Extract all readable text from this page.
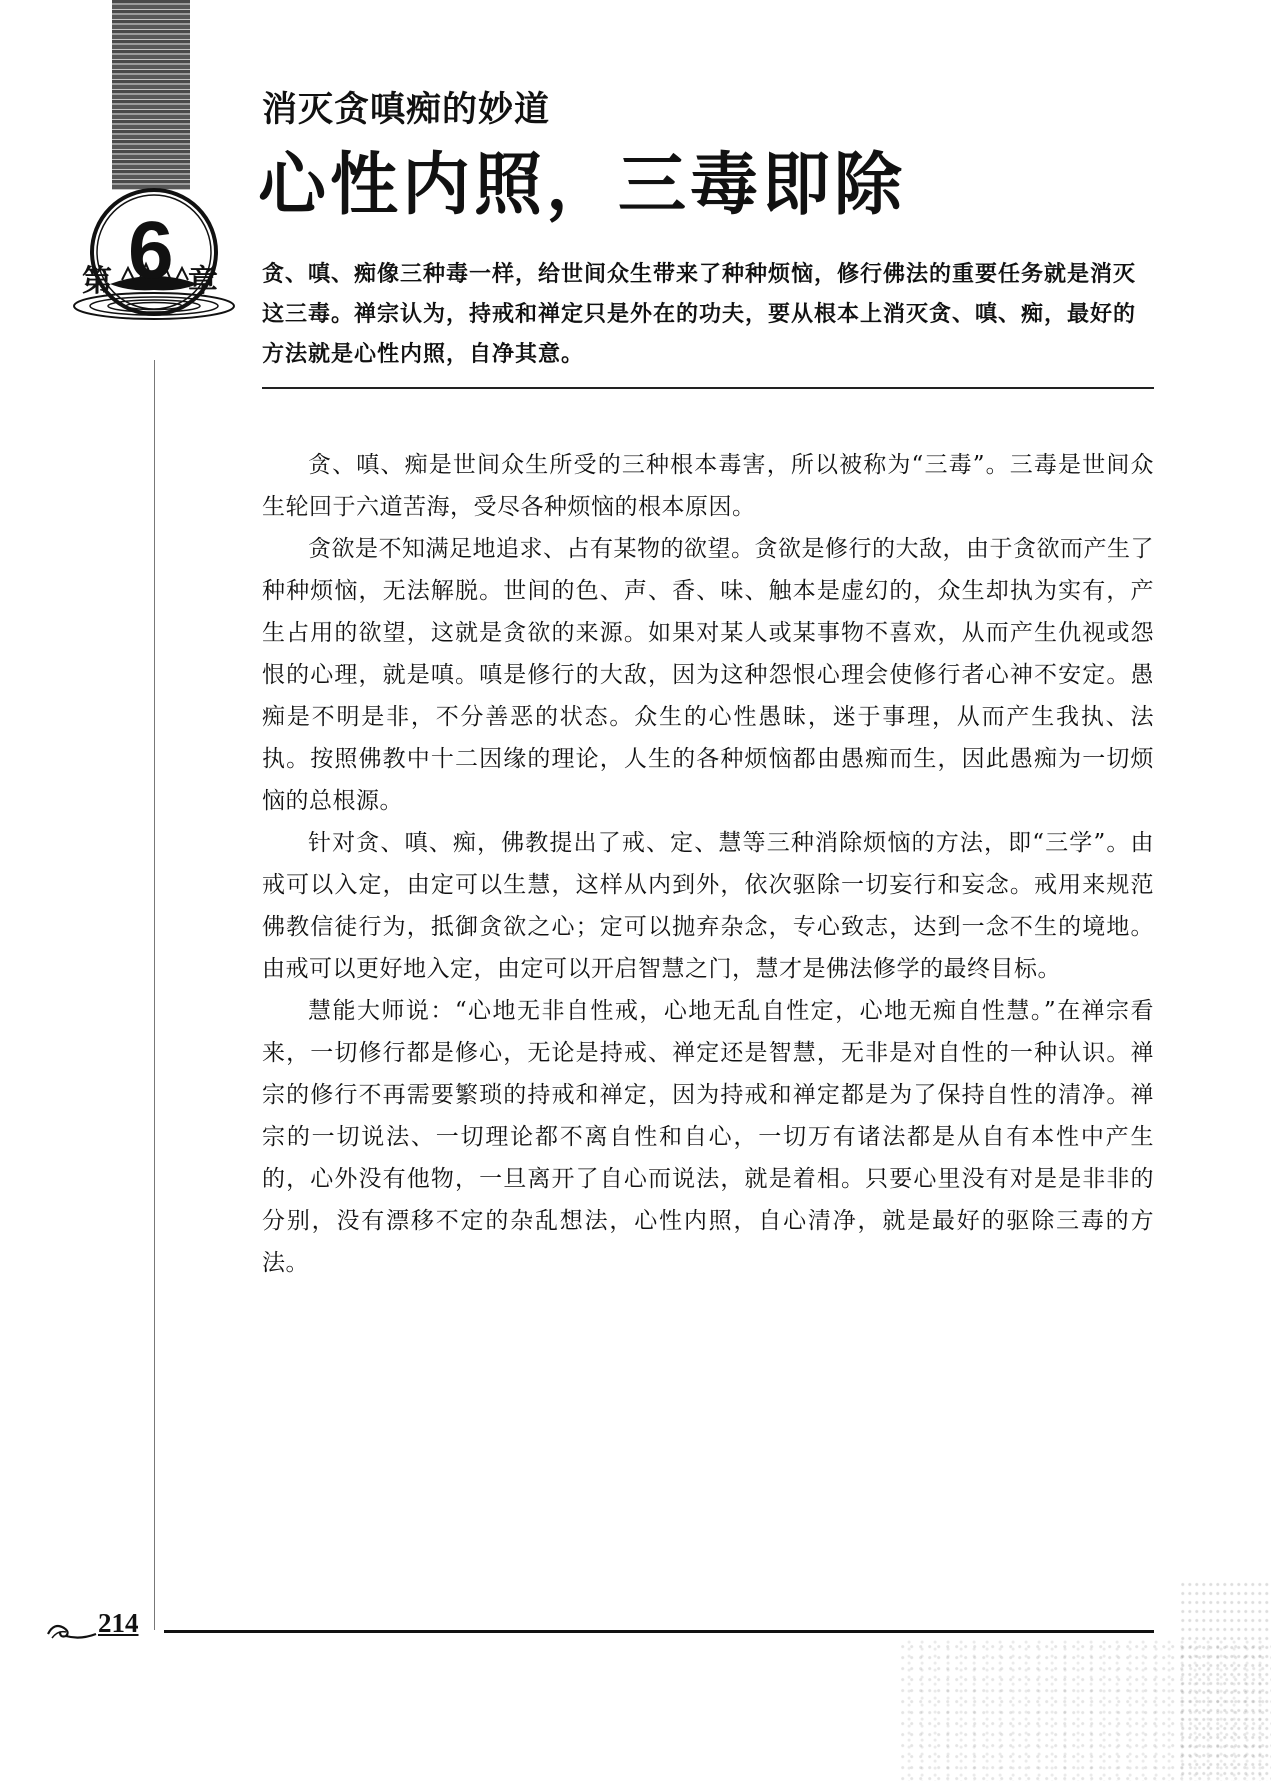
第 6 章
消灭贪嗔痴的妙道
心性内照，三毒即除

贪、嗔、痴像三种毒一样，给世间众生带来了种种烦恼，修行佛法的重要任务就是消灭这三毒。禅宗认为，持戒和禅定只是外在的功夫，要从根本上消灭贪、嗔、痴，最好的方法就是心性内照，自净其意。

贪、嗔、痴是世间众生所受的三种根本毒害，所以被称为“三毒”。三毒是世间众生轮回于六道苦海，受尽各种烦恼的根本原因。

贪欲是不知满足地追求、占有某物的欲望。贪欲是修行的大敌，由于贪欲而产生了种种烦恼，无法解脱。世间的色、声、香、味、触本是虚幻的，众生却执为实有，产生占用的欲望，这就是贪欲的来源。如果对某人或某事物不喜欢，从而产生仇视或怨恨的心理，就是嗔。嗔是修行的大敌，因为这种怨恨心理会使修行者心神不安定。愚痴是不明是非，不分善恶的状态。众生的心性愚昧，迷于事理，从而产生我执、法执。按照佛教中十二因缘的理论，人生的各种烦恼都由愚痴而生，因此愚痴为一切烦恼的总根源。

针对贪、嗔、痴，佛教提出了戒、定、慧等三种消除烦恼的方法，即“三学”。由戒可以入定，由定可以生慧，这样从内到外，依次驱除一切妄行和妄念。戒用来规范佛教信徒行为，抵御贪欲之心；定可以抛弃杂念，专心致志，达到一念不生的境地。由戒可以更好地入定，由定可以开启智慧之门，慧才是佛法修学的最终目标。

慧能大师说：“心地无非自性戒，心地无乱自性定，心地无痴自性慧。”在禅宗看来，一切修行都是修心，无论是持戒、禅定还是智慧，无非是对自性的一种认识。禅宗的修行不再需要繁琐的持戒和禅定，因为持戒和禅定都是为了保持自性的清净。禅宗的一切说法、一切理论都不离自性和自心，一切万有诸法都是从自有本性中产生的，心外没有他物，一旦离开了自心而说法，就是着相。只要心里没有对是是非非的分别，没有漂移不定的杂乱想法，心性内照，自心清净，就是最好的驱除三毒的方法。

214
